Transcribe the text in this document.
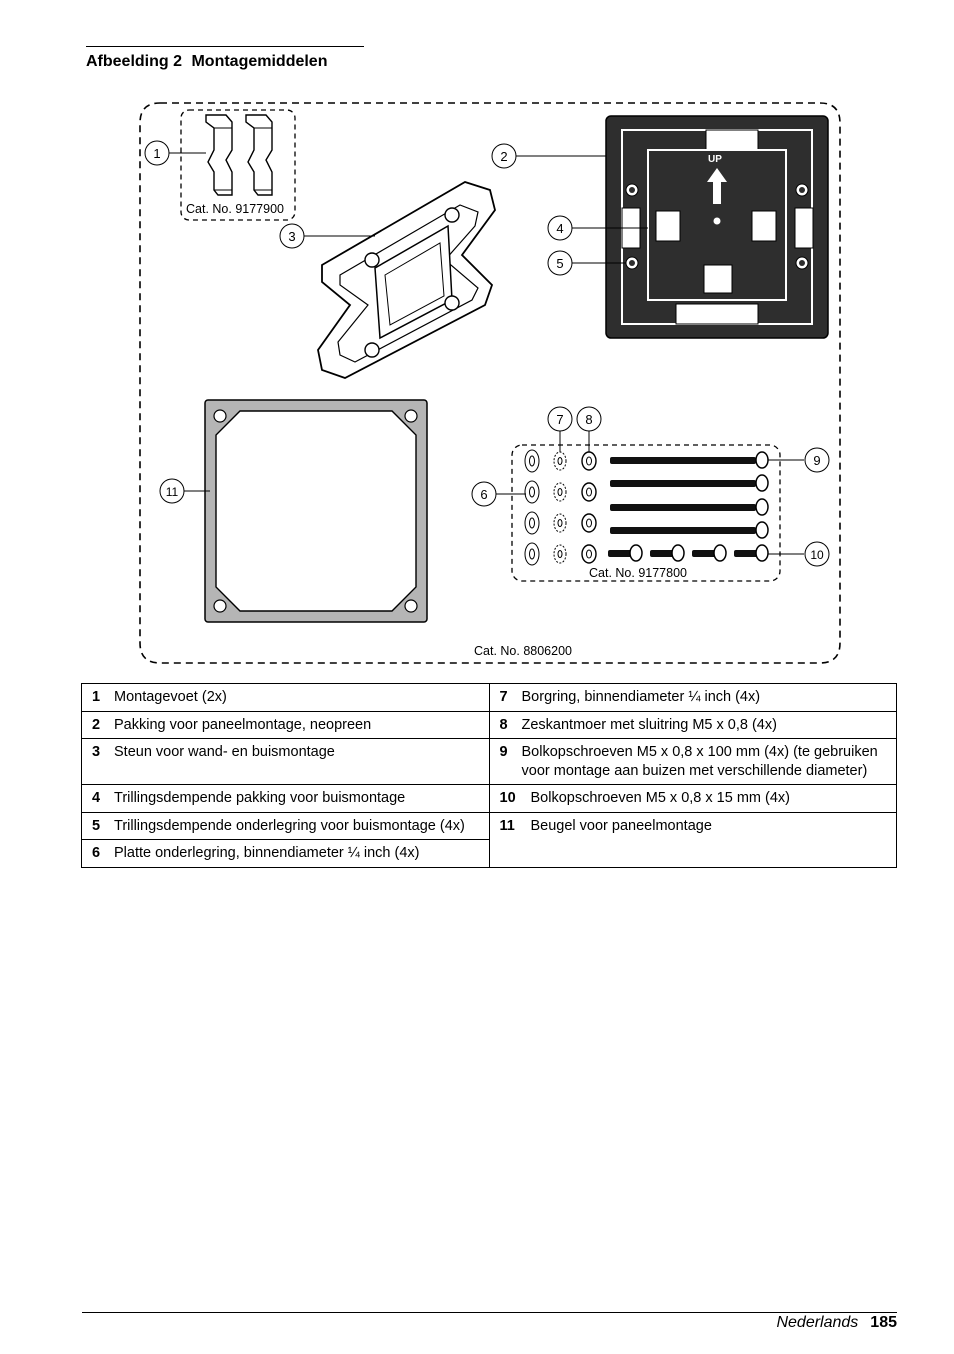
Afbeelding 2 Montagemiddelen
Cat. No. 8806200
Cat. No. 9177900
UP
Cat. No. 9177800
1	2
3
4
5
6
7 8
9
10
11
1 Montagevoet (2x)	7 Borgring, binnendiameter ¼ inch (4x)
2 Pakking voor paneelmontage, neopreen	8 Zeskantmoer met sluitring M5 x 0,8 (4x)
3 Steun voor wand- en buismontage	9 Bolkopschroeven M5 x 0,8 x 100 mm (4x) (te gebruiken voor montage aan buizen met verschillende diameter)
4 Trillingsdempende pakking voor buismontage	10 Bolkopschroeven M5 x 0,8 x 15 mm (4x)
5 Trillingsdempende onderlegring voor buismontage (4x)	11 Beugel voor paneelmontage
6 Platte onderlegring, binnendiameter ¼ inch (4x)	
Nederlands 185
